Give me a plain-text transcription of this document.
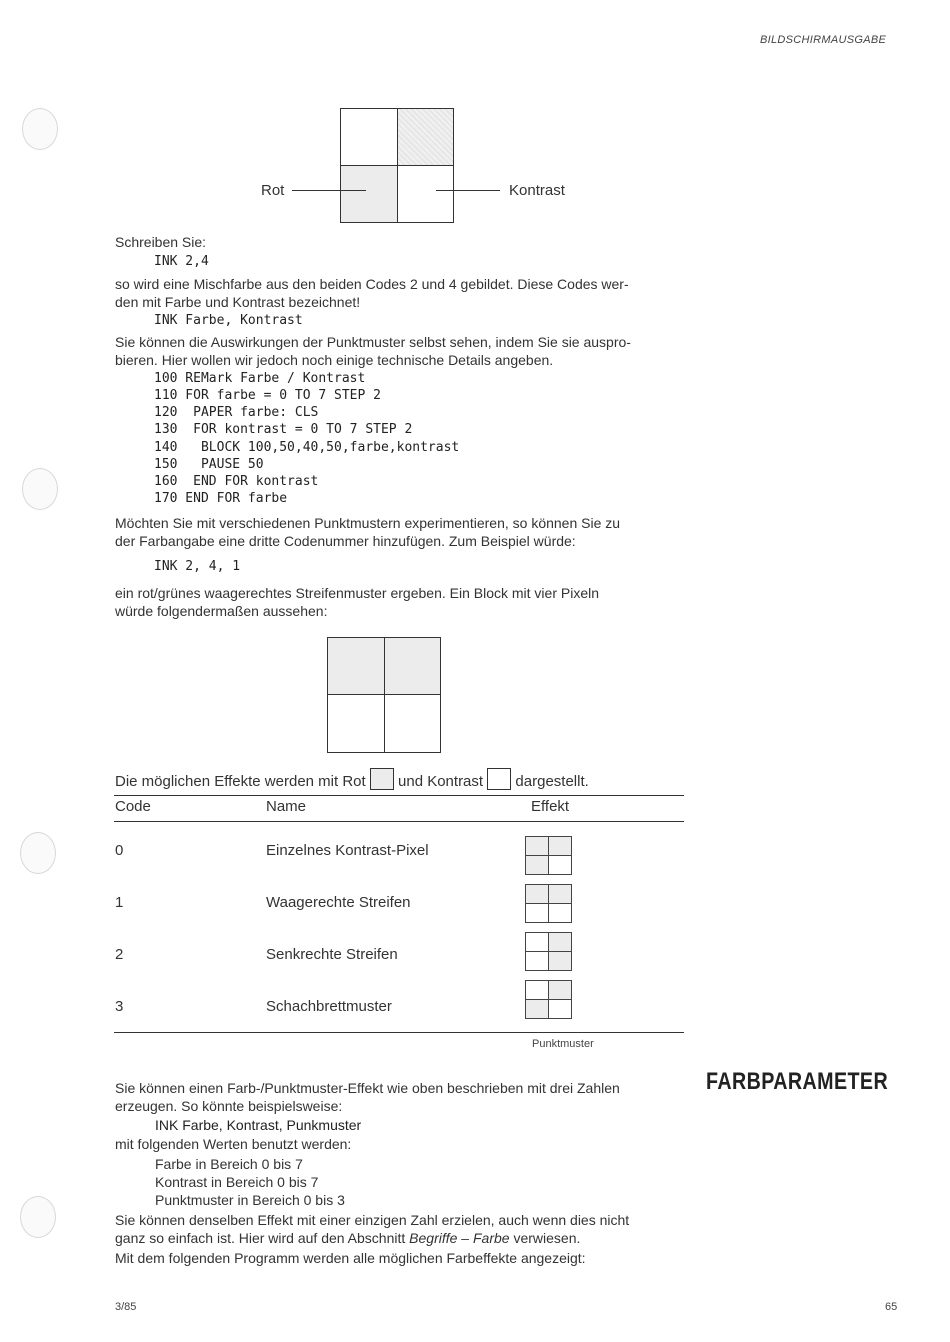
BILDSCHIRMAUSGABE
Rot	Kontrast
Schreiben Sie:
INK 2,4
so wird eine Mischfarbe aus den beiden Codes 2 und 4 gebildet. Diese Codes wer-
den mit Farbe und Kontrast bezeichnet!
INK Farbe, Kontrast
Sie können die Auswirkungen der Punktmuster selbst sehen, indem Sie sie auspro-
bieren. Hier wollen wir jedoch noch einige technische Details angeben.
100 REMark Farbe / Kontrast
110 FOR farbe = 0 TO 7 STEP 2
120  PAPER farbe: CLS
130  FOR kontrast = 0 TO 7 STEP 2
140   BLOCK 100,50,40,50,farbe,kontrast
150   PAUSE 50
160  END FOR kontrast
170 END FOR farbe
Möchten Sie mit verschiedenen Punktmustern experimentieren, so können Sie zu
der Farbangabe eine dritte Codenummer hinzufügen. Zum Beispiel würde:
INK 2, 4, 1
ein rot/grünes waagerechtes Streifenmuster ergeben. Ein Block mit vier Pixeln
würde folgendermaßen aussehen:
Die möglichen Effekte werden mit Rot und Kontrast dargestellt.
Code	Name	Effekt
0	Einzelnes Kontrast-Pixel
1	Waagerechte Streifen
2	Senkrechte Streifen
3	Schachbrettmuster
Punktmuster
FARBPARAMETER
Sie können einen Farb-/Punktmuster-Effekt wie oben beschrieben mit drei Zahlen
erzeugen. So könnte beispielsweise:
INK Farbe, Kontrast, Punkmuster
mit folgenden Werten benutzt werden:
Farbe in Bereich 0 bis 7
Kontrast in Bereich 0 bis 7
Punktmuster in Bereich 0 bis 3
Sie können denselben Effekt mit einer einzigen Zahl erzielen, auch wenn dies nicht
ganz so einfach ist. Hier wird auf den Abschnitt Begriffe – Farbe verwiesen.
Mit dem folgenden Programm werden alle möglichen Farbeffekte angezeigt:
3/85	65
